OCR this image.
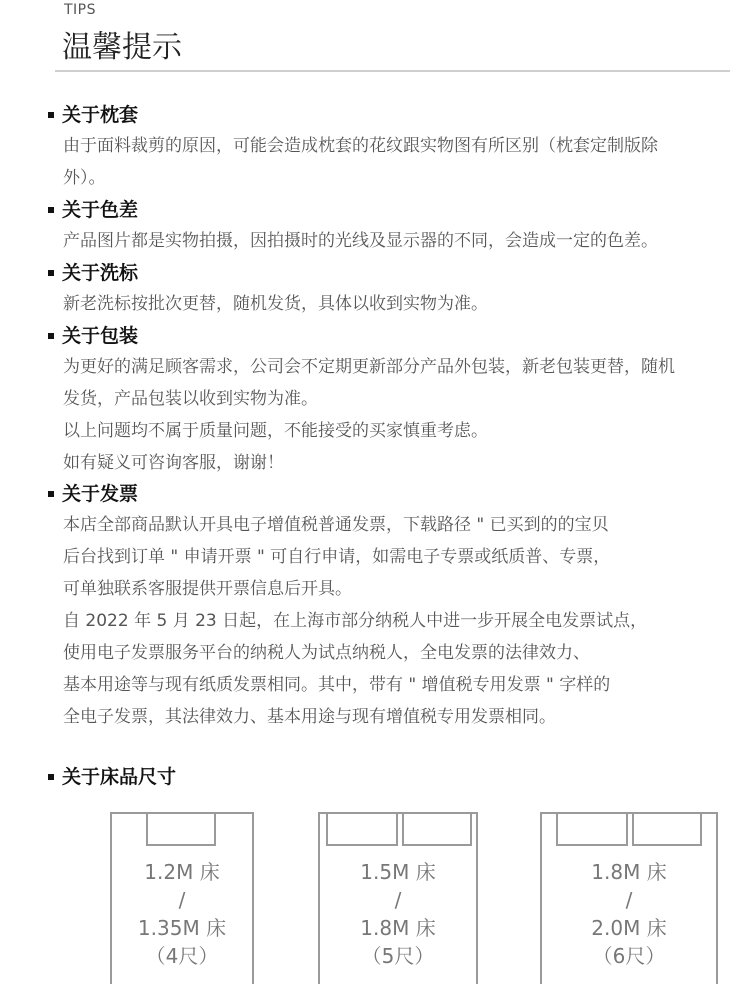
TIPS
温馨提示
关于枕套
由于面料裁剪的原因，可能会造成枕套的花纹跟实物图有所区别（枕套定制版除
外）。
关于色差
产品图片都是实物拍摄，因拍摄时的光线及显示器的不同，会造成一定的色差。
关于洗标
新老洗标按批次更替，随机发货，具体以收到实物为准。
关于包装
为更好的满足顾客需求，公司会不定期更新部分产品外包装，新老包装更替，随机
发货，产品包装以收到实物为准。
以上问题均不属于质量问题，不能接受的买家慎重考虑。
如有疑义可咨询客服，谢谢！
关于发票
本店全部商品默认开具电子增值税普通发票，下载路径 " 已买到的的宝贝
后台找到订单 " 申请开票 " 可自行申请，如需电子专票或纸质普、专票，
可单独联系客服提供开票信息后开具。
自 2022 年 5 月 23 日起，在上海市部分纳税人中进一步开展全电发票试点，
使用电子发票服务平台的纳税人为试点纳税人，全电发票的法律效力、
基本用途等与现有纸质发票相同。其中，带有 " 增值税专用发票 " 字样的
全电子发票，其法律效力、基本用途与现有增值税专用发票相同。
关于床品尺寸
1.2M 床
/
1.35M 床
（4尺）
1.5M 床
/
1.8M 床
（5尺）
1.8M 床
/
2.0M 床
（6尺）
